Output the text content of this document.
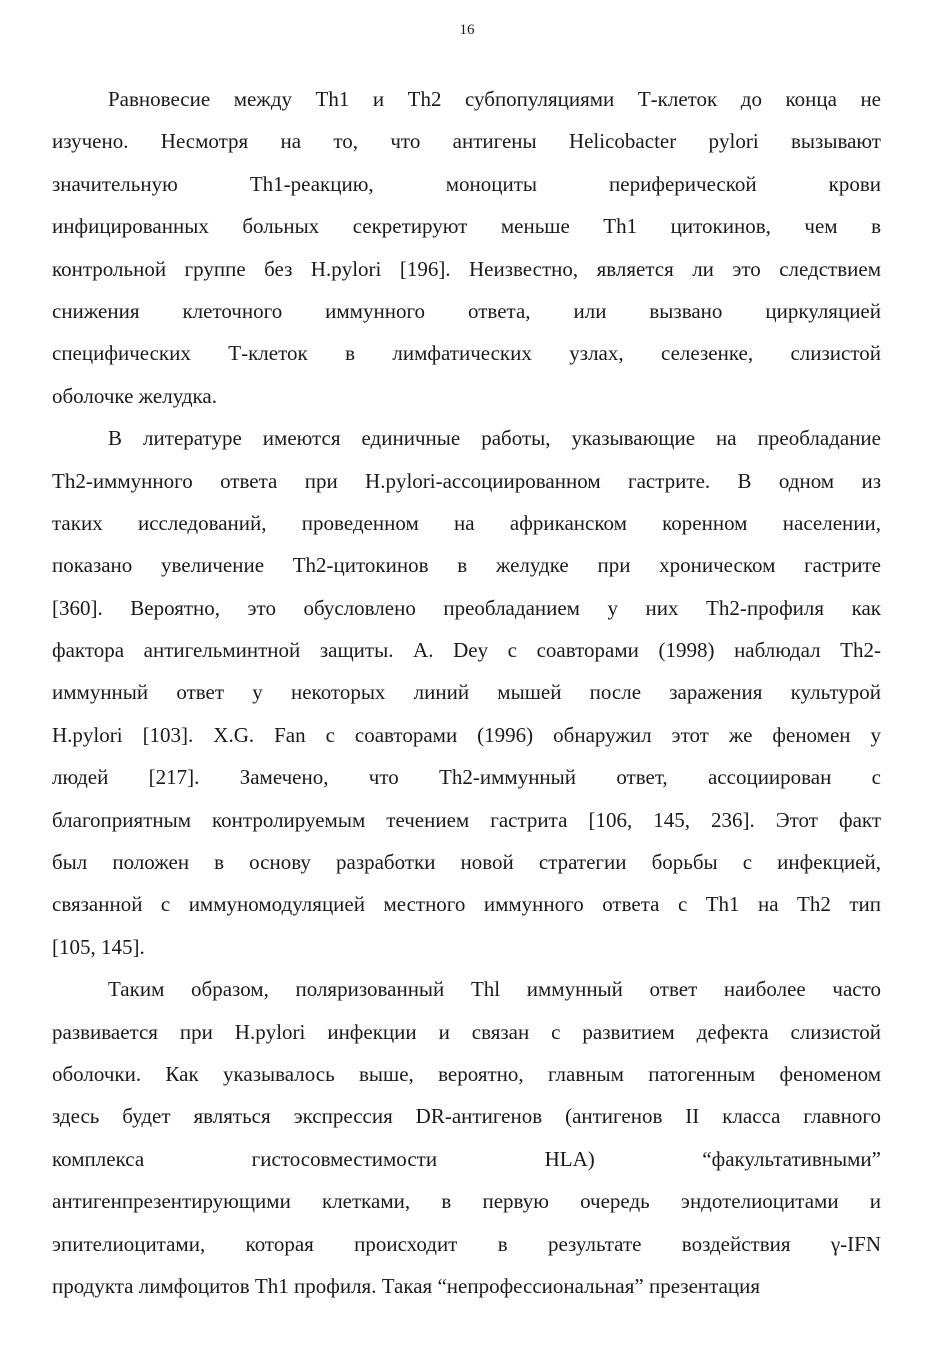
16
Равновесие между Th1 и Th2 субпопуляциями Т-клеток до конца не
изучено. Несмотря на то, что антигены Helicobacter pylori вызывают
значительную Th1-реакцию, моноциты периферической крови
инфицированных больных секретируют меньше Th1 цитокинов, чем в
контрольной группе без H.pylori [196]. Неизвестно, является ли это следствием
снижения клеточного иммунного ответа, или вызвано циркуляцией
специфических Т-клеток в лимфатических узлах, селезенке, слизистой
оболочке желудка.
В литературе имеются единичные работы, указывающие на преобладание
Th2-иммунного ответа при H.pylori-ассоциированном гастрите. В одном из
таких исследований, проведенном на африканском коренном населении,
показано увеличение Th2-цитокинов в желудке при хроническом гастрите
[360]. Вероятно, это обусловлено преобладанием у них Th2-профиля как
фактора антигельминтной защиты. A. Dey с соавторами (1998) наблюдал Th2-
иммунный ответ у некоторых линий мышей после заражения культурой
H.pylori [103]. X.G. Fan с соавторами (1996) обнаружил этот же феномен у
людей [217]. Замечено, что Th2-иммунный ответ, ассоциирован с
благоприятным контролируемым течением гастрита [106, 145, 236]. Этот факт
был положен в основу разработки новой стратегии борьбы с инфекцией,
связанной с иммуномодуляцией местного иммунного ответа с Th1 на Th2 тип
[105, 145].
Таким образом, поляризованный Thl иммунный ответ наиболее часто
развивается при H.pylori инфекции и связан с развитием дефекта слизистой
оболочки. Как указывалось выше, вероятно, главным патогенным феноменом
здесь будет являться экспрессия DR-антигенов (антигенов II класса главного
комплекса гистосовместимости HLA) “факультативными”
антигенпрезентирующими клетками, в первую очередь эндотелиоцитами и
эпителиоцитами, которая происходит в результате воздействия γ-IFN
продукта лимфоцитов Th1 профиля. Такая “непрофессиональная” презентация
